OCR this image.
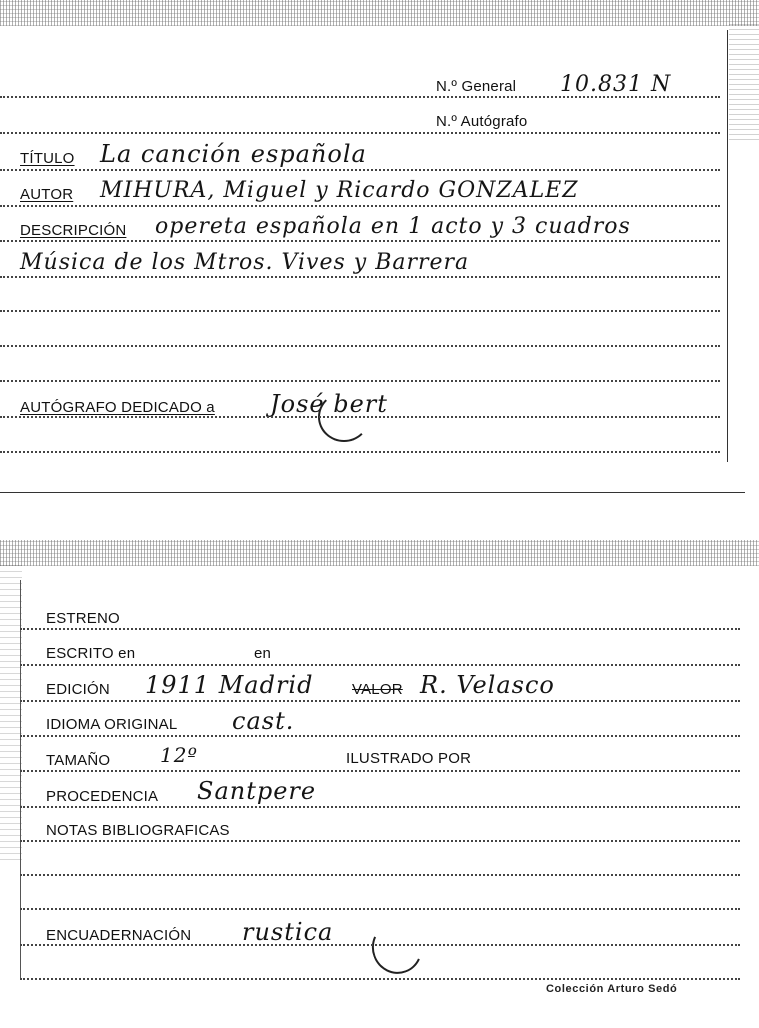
N.º General 10.831 N
N.º Autógrafo
TÍTULO La canción española
AUTOR MIHURA, Miguel y Ricardo GONZALEZ
DESCRIPCIÓN opereta española en 1 acto y 3 cuadros
Música de los Mtros. Vives y Barrera
AUTÓGRAFO DEDICADO a José bert
ESTRENO
ESCRITO en	en
EDICIÓN 1911 Madrid	VALOR R. Velasco
IDIOMA ORIGINAL cast.
TAMAÑO 12º	ILUSTRADO POR
PROCEDENCIA Santpere
NOTAS BIBLIOGRAFICAS
ENCUADERNACIÓN rustica
Colección Arturo Sedó
